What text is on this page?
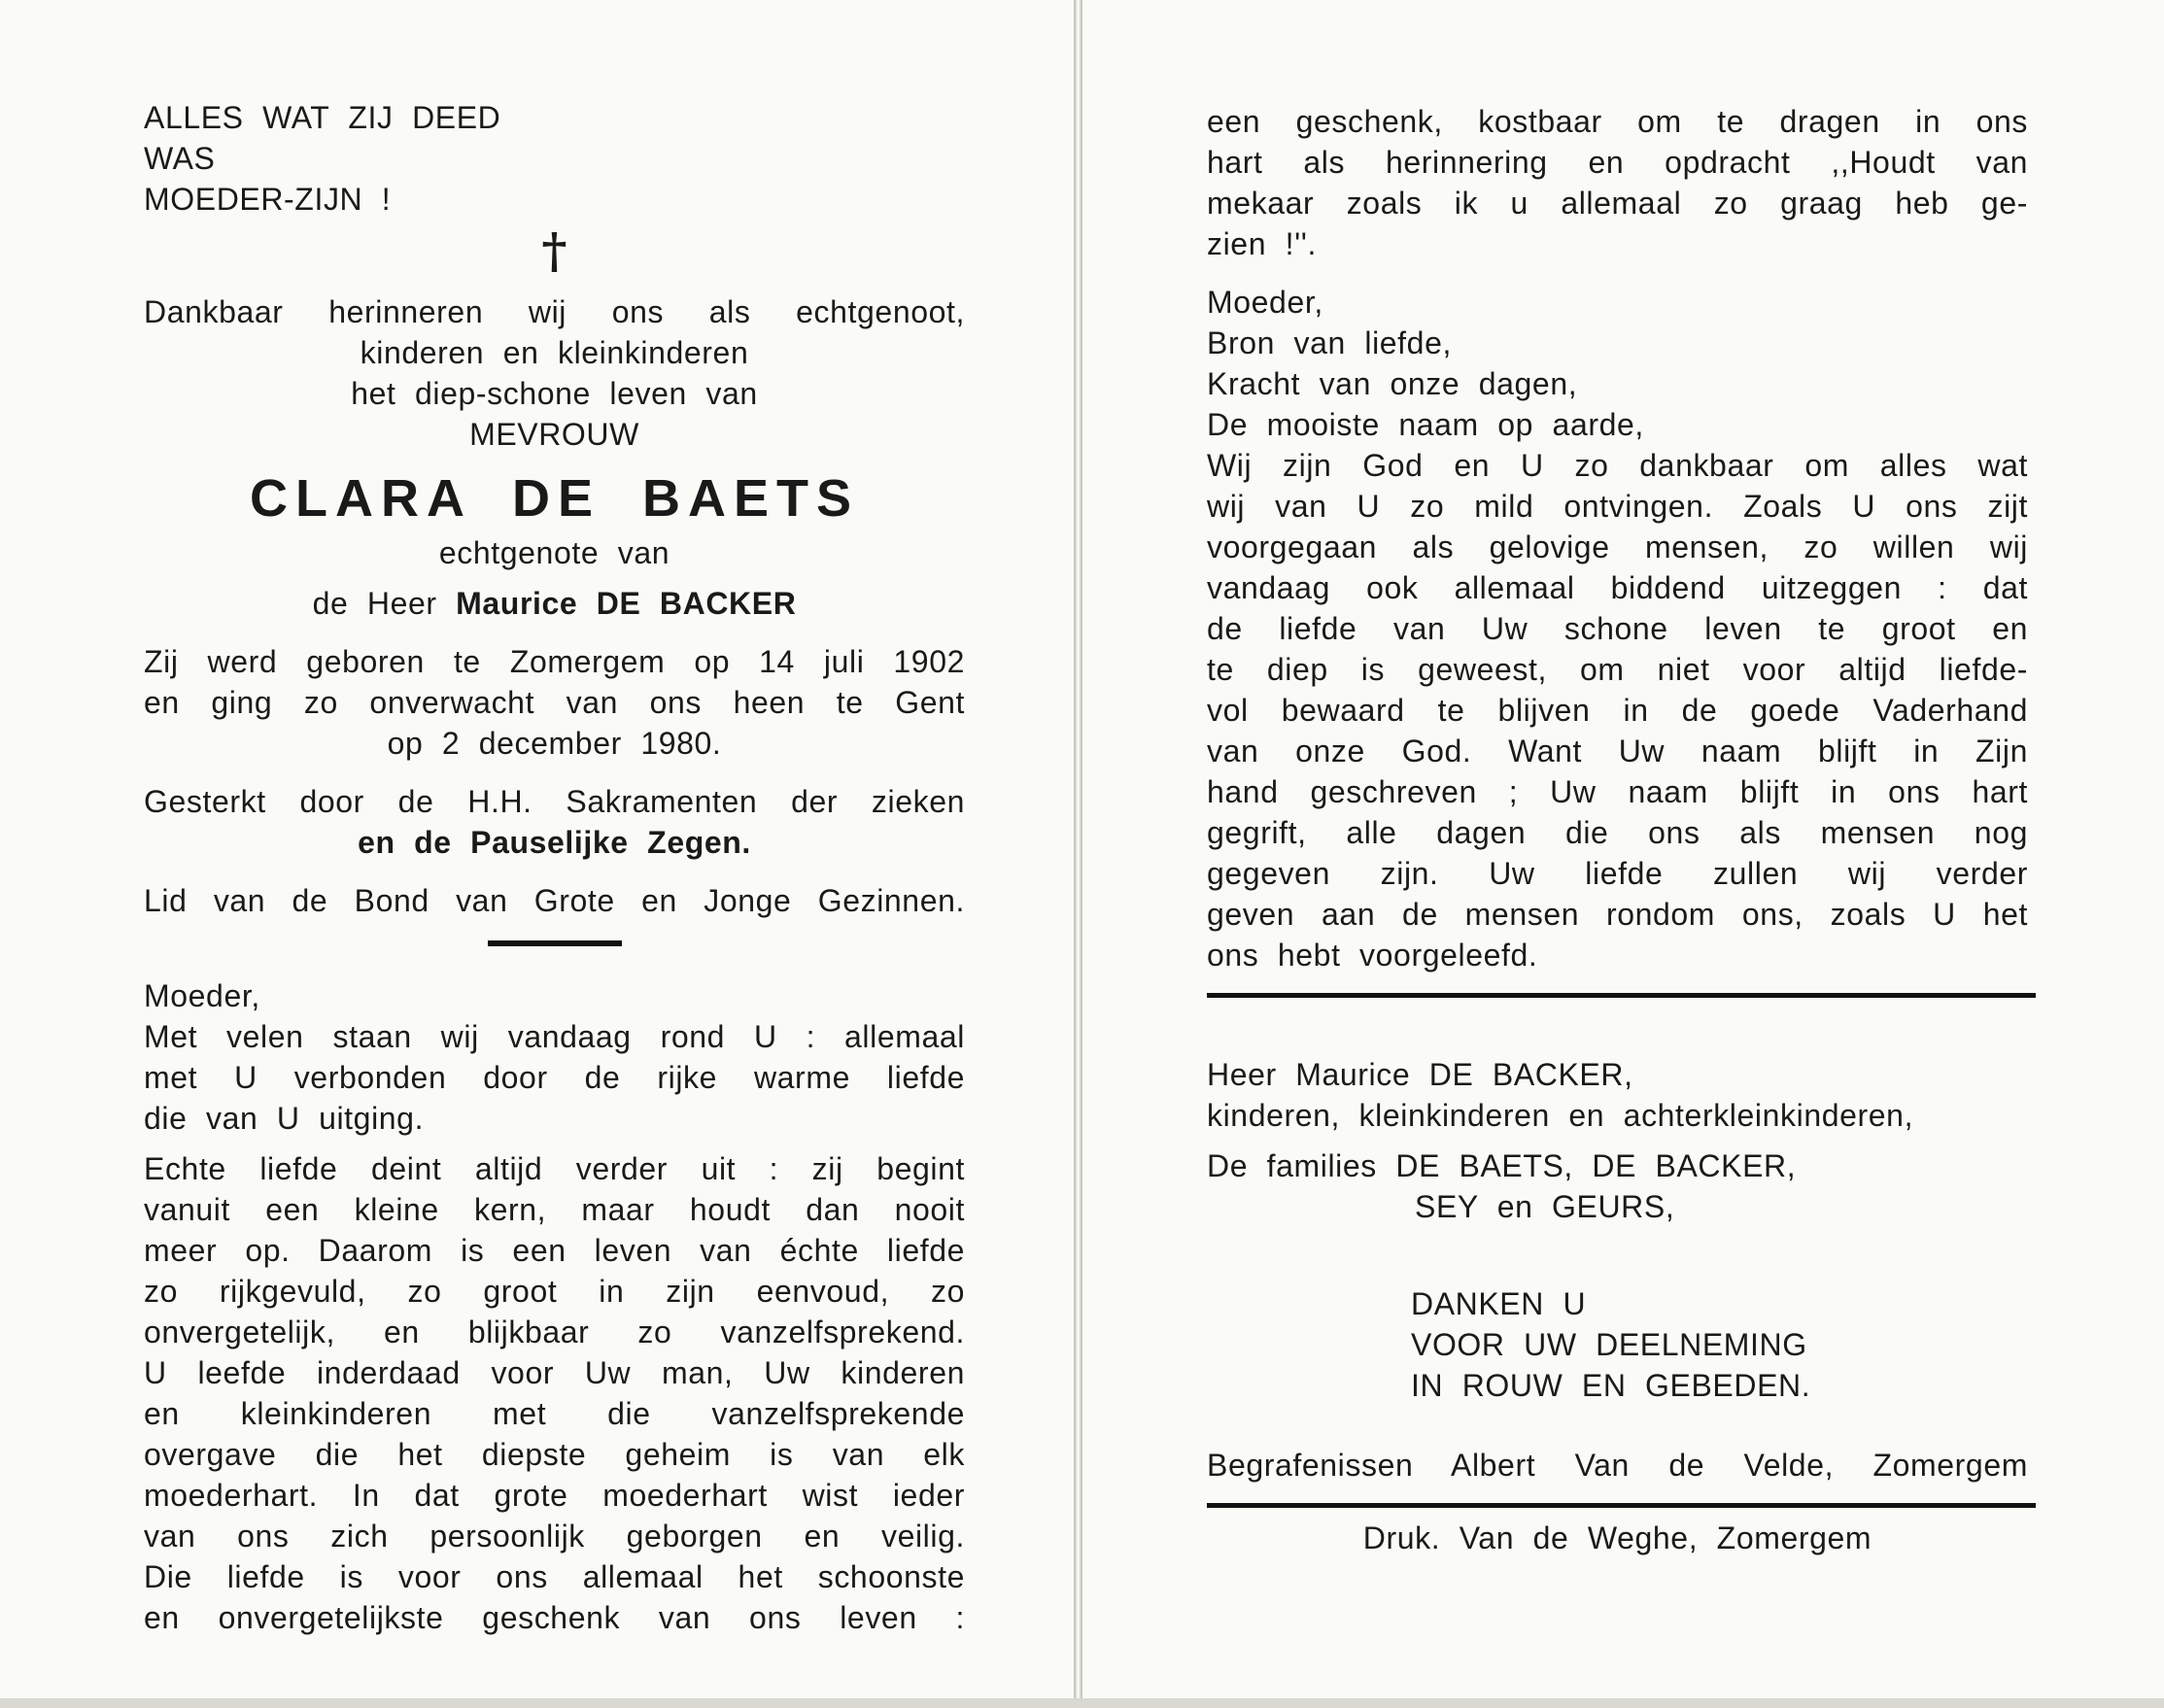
ALLES WAT ZIJ DEED
WAS
MOEDER-ZIJN !
†
Dankbaar herinneren wij ons als echtgenoot,
kinderen en kleinkinderen
het diep-schone leven van
MEVROUW
CLARA DE BAETS
echtgenote van
de Heer Maurice DE BACKER
Zij werd geboren te Zomergem op 14 juli 1902
en ging zo onverwacht van ons heen te Gent
op 2 december 1980.
Gesterkt door de H.H. Sakramenten der zieken
en de Pauselijke Zegen.
Lid van de Bond van Grote en Jonge Gezinnen.
Moeder,
Met velen staan wij vandaag rond U : allemaal
met U verbonden door de rijke warme liefde
die van U uitging.
Echte liefde deint altijd verder uit : zij begint
vanuit een kleine kern, maar houdt dan nooit
meer op. Daarom is een leven van échte liefde
zo rijkgevuld, zo groot in zijn eenvoud, zo
onvergetelijk, en blijkbaar zo vanzelfsprekend.
U leefde inderdaad voor Uw man, Uw kinderen
en kleinkinderen met die vanzelfsprekende
overgave die het diepste geheim is van elk
moederhart. In dat grote moederhart wist ieder
van ons zich persoonlijk geborgen en veilig.
Die liefde is voor ons allemaal het schoonste
en onvergetelijkste geschenk van ons leven :
een geschenk, kostbaar om te dragen in ons
hart als herinnering en opdracht ,,Houdt van
mekaar zoals ik u allemaal zo graag heb ge-
zien !''.
Moeder,
Bron van liefde,
Kracht van onze dagen,
De mooiste naam op aarde,
Wij zijn God en U zo dankbaar om alles wat
wij van U zo mild ontvingen. Zoals U ons zijt
voorgegaan als gelovige mensen, zo willen wij
vandaag ook allemaal biddend uitzeggen : dat
de liefde van Uw schone leven te groot en
te diep is geweest, om niet voor altijd liefde-
vol bewaard te blijven in de goede Vaderhand
van onze God. Want Uw naam blijft in Zijn
hand geschreven ; Uw naam blijft in ons hart
gegrift, alle dagen die ons als mensen nog
gegeven zijn. Uw liefde zullen wij verder
geven aan de mensen rondom ons, zoals U het
ons hebt voorgeleefd.
Heer Maurice DE BACKER,
kinderen, kleinkinderen en achterkleinkinderen,
De families DE BAETS, DE BACKER,
SEY en GEURS,
DANKEN U
VOOR UW DEELNEMING
IN ROUW EN GEBEDEN.
Begrafenissen Albert Van de Velde, Zomergem
Druk. Van de Weghe, Zomergem
